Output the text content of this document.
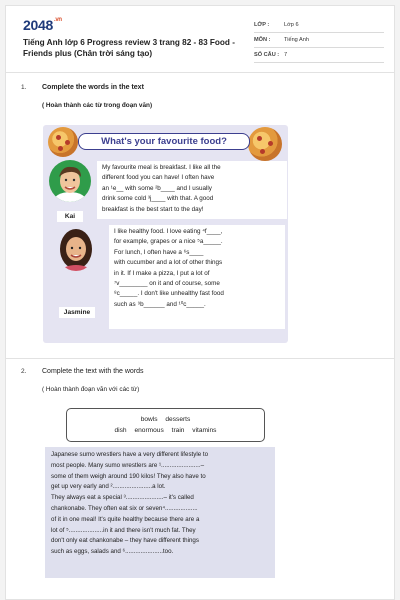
$2048^{.vn}$
Tiếng Anh lớp 6 Progress review 3 trang 82 - 83 Food - Friends plus (Chân trời sáng tạo)
LỚP :	Lớp 6
MÔN :	Tiếng Anh
SỐ CÂU : 7
1. Complete the words in the text
( Hoàn thành các từ trong đoạn văn)
What's your favourite food?
Kai
My favourite meal is breakfast. I like all the
different food you can have! I often have
an ¹e__ with some ²b____ and I usually
drink some cold ³j____ with that. A good
breakfast is the best start to the day!
Jasmine
I like healthy food. I love eating ⁴f____,
for example, grapes or a nice ⁵a_____.
For lunch, I often have a ⁶s____
with cucumber and a lot of other things
in it. If I make a pizza, I put a lot of
⁷v________ on it and of course, some
⁸c_____. I don't like unhealthy fast food
such as ⁹b______ and ¹⁰c_____.
2. Complete the text with the words
( Hoàn thành đoạn văn với các từ)
bowls desserts
dish enormous train vitamins
Japanese sumo wrestlers have a very different lifestyle to
most people. Many sumo wrestlers are ¹.......................–
some of them weigh around 190 kilos! They also have to
get up very early and ².......................a lot.
They always eat a special ³......................– it's called
chankonabe. They often eat six or seven⁴...................
of it in one meal! It's quite healthy because there are a
lot of ⁵....................in it and there isn't much fat. They
don't only eat chankonabe – they have different things
such as eggs, salads and ⁶......................too.
